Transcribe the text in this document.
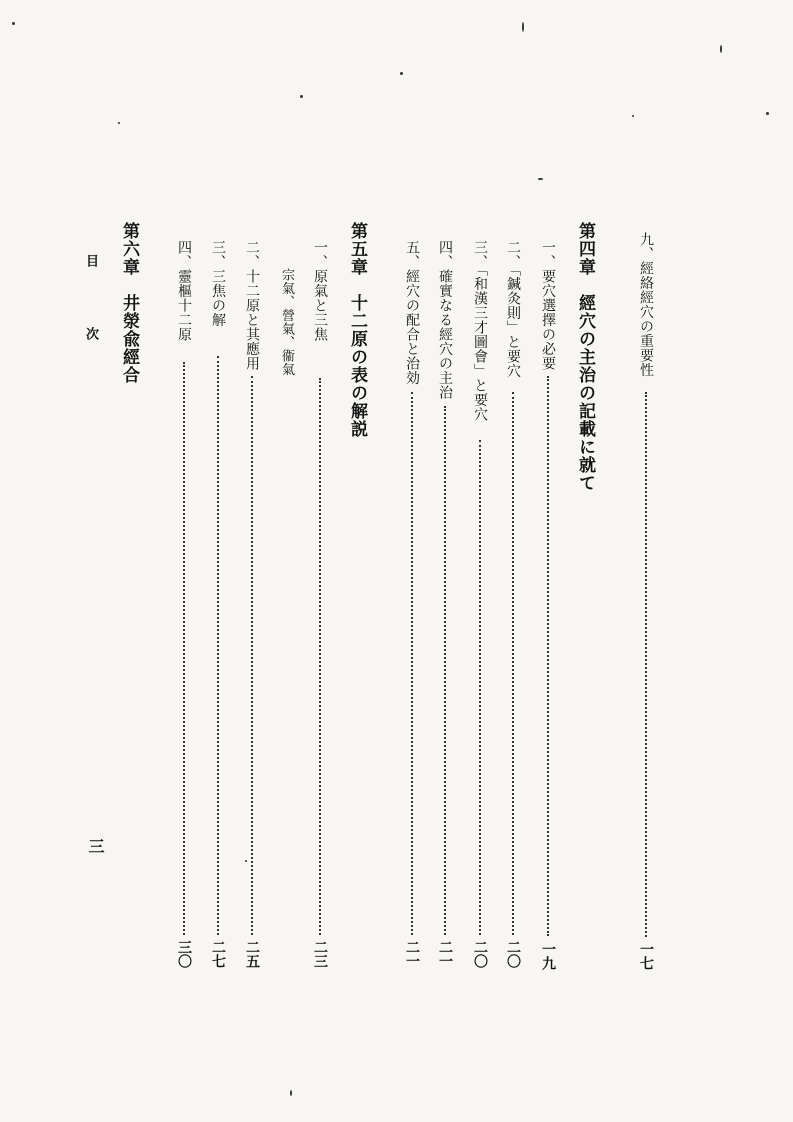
九、經絡經穴の重要性
一七
第四章　經穴の主治の記載に就て
一、要穴選擇の必要
一九
二、「鍼灸則」と要穴
二〇
三、「和漢三才圖會」と要穴
二〇
四、確實なる經穴の主治
二一
五、經穴の配合と治効
二一
第五章　十二原の表の解説
一、原氣と三焦
二三
宗氣、營氣、衞氣
二、十二原と其應用
二五
三、三焦の解
二七
四、靈樞十二原
三〇
第六章　井滎兪經合
目次
三
